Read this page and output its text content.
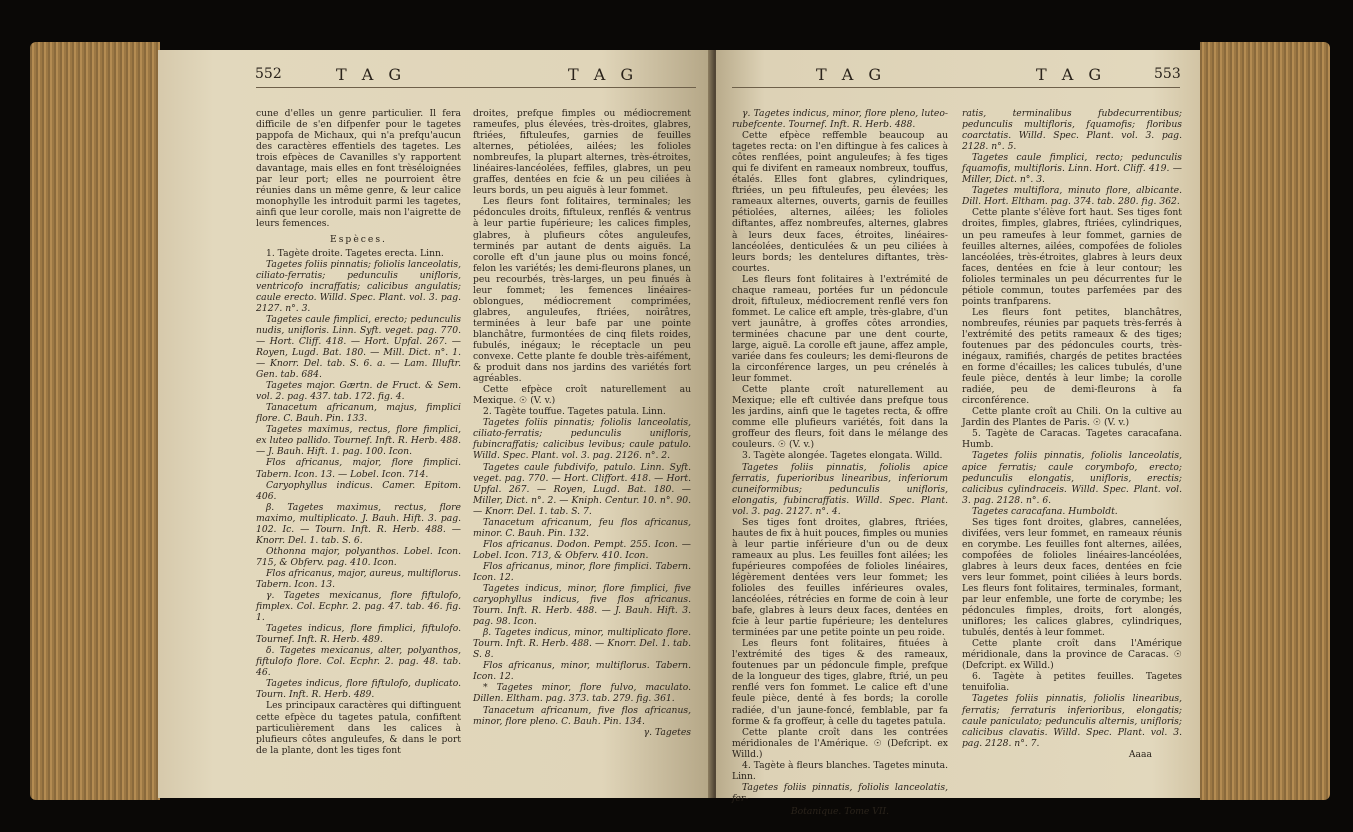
552	T A G	T A G

cune d'elles un genre particulier. Il fera difficile de s'en difpenfer pour le tagetes pappofa de Michaux, qui n'a prefqu'aucun des caractères effentiels des tagetes. Les trois efpèces de Cavanilles s'y rapportent davantage, mais elles en font trèséloignées par leur port; elles ne pourroient être réunies dans un même genre, & leur calice monophylle les introduit parmi les tagetes, ainfi que leur corolle, mais non l'aigrette de leurs femences.

Espèces.

1. Tagète droite. Tagetes erecta. Linn.

Tagetes foliis pinnatis; foliolis lanceolatis, ciliato-ferratis; pedunculis unifloris, ventricofo incraffatis; calicibus angulatis; caule erecto. Willd. Spec. Plant. vol. 3. pag. 2127. n°. 3.

Tagetes caule fimplici, erecto; pedunculis nudis, unifloris. Linn. Syft. veget. pag. 770. — Hort. Cliff. 418. — Hort. Upfal. 267. — Royen, Lugd. Bat. 180. — Mill. Dict. n°. 1. — Knorr. Del. tab. S. 6. a. — Lam. Illuftr. Gen. tab. 684.

Tagetes major. Gærtn. de Fruct. & Sem. vol. 2. pag. 437. tab. 172. fig. 4.

Tanacetum africanum, majus, fimplici flore. C. Bauh. Pin. 133.

Tagetes maximus, rectus, flore fimplici, ex luteo pallido. Tournef. Inft. R. Herb. 488. — J. Bauh. Hift. 1. pag. 100. Icon.

Flos africanus, major, flore fimplici. Tabern. Icon. 13. — Lobel. Icon. 714.

Caryophyllus indicus. Camer. Epitom. 406.

β. Tagetes maximus, rectus, flore maximo, multiplicato. J. Bauh. Hift. 3. pag. 102. Ic. — Tourn. Inft. R. Herb. 488. — Knorr. Del. 1. tab. S. 6.

Othonna major, polyanthos. Lobel. Icon. 715, & Obferv. pag. 410. Icon.

Flos africanus, major, aureus, multiflorus. Tabern. Icon. 13.

γ. Tagetes mexicanus, flore fiftulofo, fimplex. Col. Ecphr. 2. pag. 47. tab. 46. fig. 1.

Tagetes indicus, flore fimplici, fiftulofo. Tournef. Inft. R. Herb. 489.

δ. Tagetes mexicanus, alter, polyanthos, fiftulofo flore. Col. Ecphr. 2. pag. 48. tab. 46.

Tagetes indicus, flore fiftulofo, duplicato. Tourn. Inft. R. Herb. 489.

Les principaux caractères qui diftinguent cette efpèce du tagetes patula, confiftent particulièrement dans les calices à plufieurs côtes anguleufes, & dans le port de la plante, dont les tiges font

droites, prefque fimples ou médiocrement rameufes, plus élevées, très-droites, glabres, ftriées, fiftuleufes, garnies de feuilles alternes, pétiolées, ailées; les folioles nombreufes, la plupart alternes, très-étroites, linéaires-lancéolées, feffiles, glabres, un peu graffes, dentées en fcie & un peu ciliées à leurs bords, un peu aiguës à leur fommet.

Les fleurs font folitaires, terminales; les pédoncules droits, fiftuleux, renflés & ventrus à leur partie fupérieure; les calices fimples, glabres, à plufieurs côtes anguleufes, terminés par autant de dents aiguës. La corolle eft d'un jaune plus ou moins foncé, felon les variétés; les demi-fleurons planes, un peu recourbés, très-larges, un peu finués à leur fommet; les femences linéaires-oblongues, médiocrement comprimées, glabres, anguleufes, ftriées, noirâtres, terminées à leur bafe par une pointe blanchâtre, furmontées de cinq filets roides, fubulés, inégaux; le réceptacle un peu convexe. Cette plante fe double très-aifément, & produit dans nos jardins des variétés fort agréables.

Cette efpèce croît naturellement au Mexique. ☉ (V. v.)

2. Tagète touffue. Tagetes patula. Linn.

Tagetes foliis pinnatis; foliolis lanceolatis, ciliato-ferratis; pedunculis unifloris, fubincraffatis; calicibus levibus; caule patulo. Willd. Spec. Plant. vol. 3. pag. 2126. n°. 2.

Tagetes caule fubdivifo, patulo. Linn. Syft. veget. pag. 770. — Hort. Cliffort. 418. — Hort. Upfal. 267. — Royen, Lugd. Bat. 180. — Miller, Dict. n°. 2. — Kniph. Centur. 10. n°. 90. — Knorr. Del. 1. tab. S. 7.

Tanacetum africanum, feu flos africanus, minor. C. Bauh. Pin. 132.

Flos africanus. Dodon. Pempt. 255. Icon. — Lobel. Icon. 713, & Obferv. 410. Icon.

Flos africanus, minor, flore fimplici. Tabern. Icon. 12.

Tagetes indicus, minor, flore fimplici, five caryophyllus indicus, five flos africanus. Tourn. Inft. R. Herb. 488. — J. Bauh. Hift. 3. pag. 98. Icon.

β. Tagetes indicus, minor, multiplicato flore. Tourn. Inft. R. Herb. 488. — Knorr. Del. 1. tab. S. 8.

Flos africanus, minor, multiflorus. Tabern. Icon. 12.

* Tagetes minor, flore fulvo, maculato. Dillen. Eltham. pag. 373. tab. 279. fig. 361.

Tanacetum africanum, five flos africanus, minor, flore pleno. C. Bauh. Pin. 134.

γ. Tagetes

T A G	T A G	553

γ. Tagetes indicus, minor, flore pleno, luteo-rubefcente. Tournef. Inft. R. Herb. 488.

Cette efpèce reffemble beaucoup au tagetes recta: on l'en diftingue à fes calices à côtes renflées, point anguleufes; à fes tiges qui fe divifent en rameaux nombreux, touffus, étalés. Elles font glabres, cylindriques, ftriées, un peu fiftuleufes, peu élevées; les rameaux alternes, ouverts, garnis de feuilles pétiolées, alternes, ailées; les folioles diftantes, affez nombreufes, alternes, glabres à leurs deux faces, étroites, linéaires-lancéolées, denticulées & un peu ciliées à leurs bords; les dentelures diftantes, très-courtes.

Les fleurs font folitaires à l'extrémité de chaque rameau, portées fur un pédoncule droit, fiftuleux, médiocrement renflé vers fon fommet. Le calice eft ample, très-glabre, d'un vert jaunâtre, à groffes côtes arrondies, terminées chacune par une dent courte, large, aiguë. La corolle eft jaune, affez ample, variée dans fes couleurs; les demi-fleurons de la circonférence larges, un peu crénelés à leur fommet.

Cette plante croît naturellement au Mexique; elle eft cultivée dans prefque tous les jardins, ainfi que le tagetes recta, & offre comme elle plufieurs variétés, foit dans la groffeur des fleurs, foit dans le mélange des couleurs. ☉ (V. v.)

3. Tagète alongée. Tagetes elongata. Willd.

Tagetes foliis pinnatis, foliolis apice ferratis, fuperioribus linearibus, inferiorum cuneiformibus; pedunculis unifloris, elongatis, fubincraffatis. Willd. Spec. Plant. vol. 3. pag. 2127. n°. 4.

Ses tiges font droites, glabres, ftriées, hautes de fix à huit pouces, fimples ou munies à leur partie inférieure d'un ou de deux rameaux au plus. Les feuilles font ailées; les fupérieures compofées de folioles linéaires, légèrement dentées vers leur fommet; les folioles des feuilles inférieures ovales, lancéolées, rétrécies en forme de coin à leur bafe, glabres à leurs deux faces, dentées en fcie à leur partie fupérieure; les dentelures terminées par une petite pointe un peu roide.

Les fleurs font folitaires, fituées à l'extrémité des tiges & des rameaux, foutenues par un pédoncule fimple, prefque de la longueur des tiges, glabre, ftrié, un peu renflé vers fon fommet. Le calice eft d'une feule pièce, denté à fes bords; la corolle radiée, d'un jaune-foncé, femblable, par fa forme & fa groffeur, à celle du tagetes patula.

Cette plante croît dans les contrées méridionales de l'Amérique. ☉ (Defcript. ex Willd.)

4. Tagète à fleurs blanches. Tagetes minuta. Linn.

Tagetes foliis pinnatis, foliolis lanceolatis, fer-

Botanique. Tome VII.

ratis, terminalibus fubdecurrentibus; pedunculis multifloris, fquamofis; floribus coarctatis. Willd. Spec. Plant. vol. 3. pag. 2128. n°. 5.

Tagetes caule fimplici, recto; pedunculis fquamofis, multifloris. Linn. Hort. Cliff. 419. — Miller, Dict. n°. 3.

Tagetes multiflora, minuto flore, albicante. Dill. Hort. Eltham. pag. 374. tab. 280. fig. 362.

Cette plante s'élève fort haut. Ses tiges font droites, fimples, glabres, ftriées, cylindriques, un peu rameufes à leur fommet, garnies de feuilles alternes, ailées, compofées de folioles lancéolées, très-étroites, glabres à leurs deux faces, dentées en fcie à leur contour; les folioles terminales un peu décurrentes fur le pétiole commun, toutes parfemées par des points tranfparens.

Les fleurs font petites, blanchâtres, nombreufes, réunies par paquets très-ferrés à l'extrémité des petits rameaux & des tiges; foutenues par des pédoncules courts, très-inégaux, ramifiés, chargés de petites bractées en forme d'écailles; les calices tubulés, d'une feule pièce, dentés à leur limbe; la corolle radiée, peu de demi-fleurons à fa circonférence.

Cette plante croît au Chili. On la cultive au Jardin des Plantes de Paris. ☉ (V. v.)

5. Tagète de Caracas. Tagetes caracafana. Humb.

Tagetes foliis pinnatis, foliolis lanceolatis, apice ferratis; caule corymbofo, erecto; pedunculis elongatis, unifloris, erectis; calicibus cylindraceis. Willd. Spec. Plant. vol. 3. pag. 2128. n°. 6.

Tagetes caracafana. Humboldt.

Ses tiges font droites, glabres, cannelées, divifées, vers leur fommet, en rameaux réunis en corymbe. Les feuilles font alternes, ailées, compofées de folioles linéaires-lancéolées, glabres à leurs deux faces, dentées en fcie vers leur fommet, point ciliées à leurs bords. Les fleurs font folitaires, terminales, formant, par leur enfemble, une forte de corymbe; les pédoncules fimples, droits, fort alongés, uniflores; les calices glabres, cylindriques, tubulés, dentés à leur fommet.

Cette plante croît dans l'Amérique méridionale, dans la province de Caracas. ☉ (Defcript. ex Willd.)

6. Tagète à petites feuilles. Tagetes tenuifolia.

Tagetes foliis pinnatis, foliolis linearibus, ferratis; ferraturis inferioribus, elongatis; caule paniculato; pedunculis alternis, unifloris; calicibus clavatis. Willd. Spec. Plant. vol. 3. pag. 2128. n°. 7.

Aaaa
